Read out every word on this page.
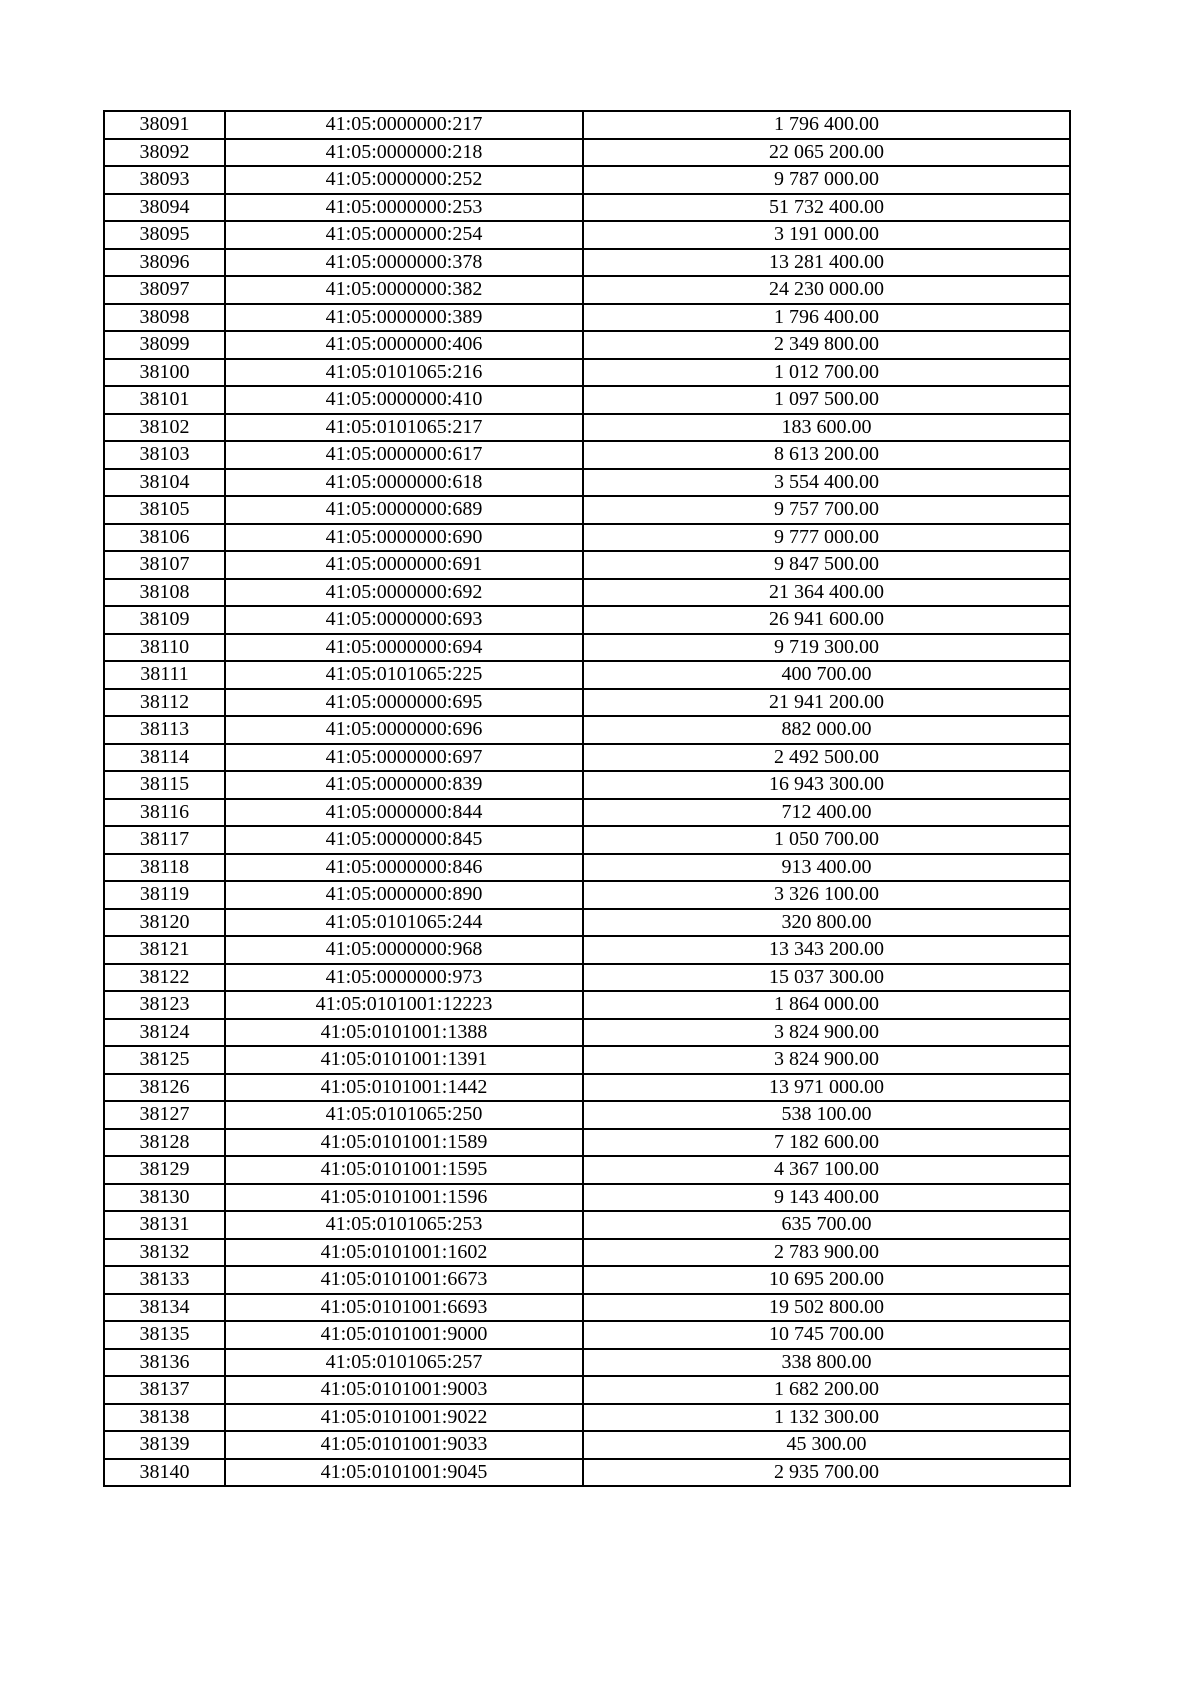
38091	41:05:0000000:217	1 796 400.00
38092	41:05:0000000:218	22 065 200.00
38093	41:05:0000000:252	9 787 000.00
38094	41:05:0000000:253	51 732 400.00
38095	41:05:0000000:254	3 191 000.00
38096	41:05:0000000:378	13 281 400.00
38097	41:05:0000000:382	24 230 000.00
38098	41:05:0000000:389	1 796 400.00
38099	41:05:0000000:406	2 349 800.00
38100	41:05:0101065:216	1 012 700.00
38101	41:05:0000000:410	1 097 500.00
38102	41:05:0101065:217	183 600.00
38103	41:05:0000000:617	8 613 200.00
38104	41:05:0000000:618	3 554 400.00
38105	41:05:0000000:689	9 757 700.00
38106	41:05:0000000:690	9 777 000.00
38107	41:05:0000000:691	9 847 500.00
38108	41:05:0000000:692	21 364 400.00
38109	41:05:0000000:693	26 941 600.00
38110	41:05:0000000:694	9 719 300.00
38111	41:05:0101065:225	400 700.00
38112	41:05:0000000:695	21 941 200.00
38113	41:05:0000000:696	882 000.00
38114	41:05:0000000:697	2 492 500.00
38115	41:05:0000000:839	16 943 300.00
38116	41:05:0000000:844	712 400.00
38117	41:05:0000000:845	1 050 700.00
38118	41:05:0000000:846	913 400.00
38119	41:05:0000000:890	3 326 100.00
38120	41:05:0101065:244	320 800.00
38121	41:05:0000000:968	13 343 200.00
38122	41:05:0000000:973	15 037 300.00
38123	41:05:0101001:12223	1 864 000.00
38124	41:05:0101001:1388	3 824 900.00
38125	41:05:0101001:1391	3 824 900.00
38126	41:05:0101001:1442	13 971 000.00
38127	41:05:0101065:250	538 100.00
38128	41:05:0101001:1589	7 182 600.00
38129	41:05:0101001:1595	4 367 100.00
38130	41:05:0101001:1596	9 143 400.00
38131	41:05:0101065:253	635 700.00
38132	41:05:0101001:1602	2 783 900.00
38133	41:05:0101001:6673	10 695 200.00
38134	41:05:0101001:6693	19 502 800.00
38135	41:05:0101001:9000	10 745 700.00
38136	41:05:0101065:257	338 800.00
38137	41:05:0101001:9003	1 682 200.00
38138	41:05:0101001:9022	1 132 300.00
38139	41:05:0101001:9033	45 300.00
38140	41:05:0101001:9045	2 935 700.00
